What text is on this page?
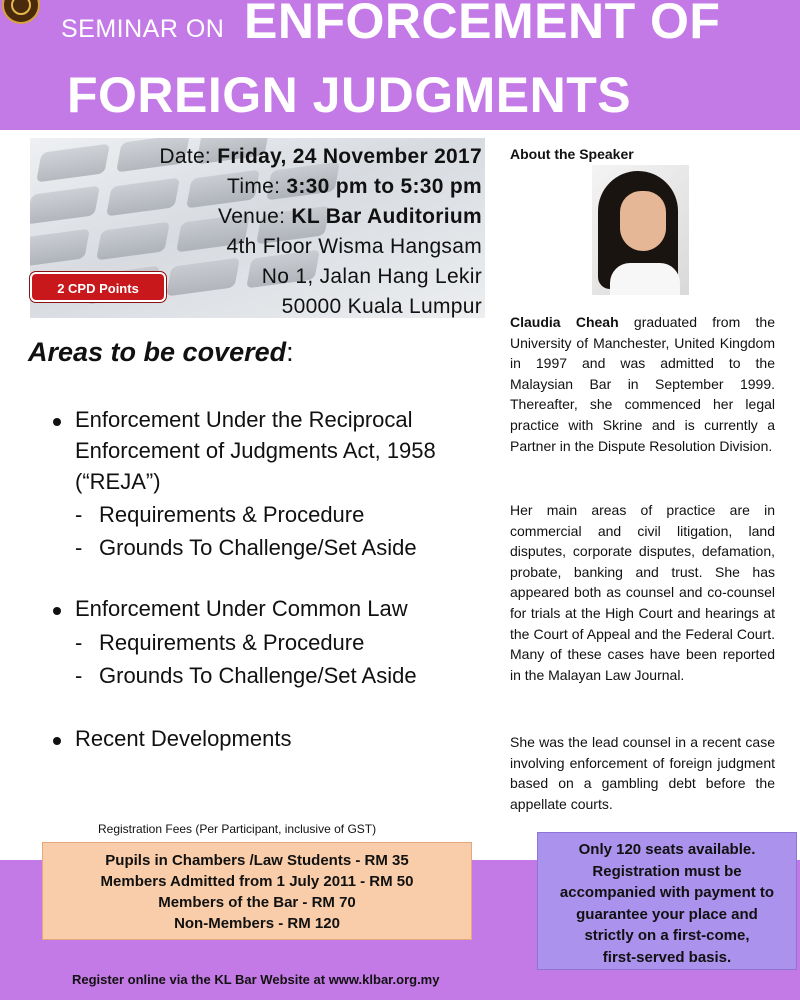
SEMINAR ON ENFORCEMENT OF
FOREIGN JUDGMENTS
Date: Friday, 24 November 2017
Time: 3:30 pm to 5:30 pm
Venue: KL Bar Auditorium
4th Floor Wisma Hangsam
No 1, Jalan Hang Lekir
50000 Kuala Lumpur
2 CPD Points
Areas to be covered:
Enforcement Under the Reciprocal
Enforcement of Judgments Act, 1958
(“REJA”)
- Requirements & Procedure
- Grounds To Challenge/Set Aside
Enforcement Under Common Law
- Requirements & Procedure
- Grounds To Challenge/Set Aside
Recent Developments
About the Speaker

Claudia Cheah graduated from the University of Manchester, United Kingdom in 1997 and was admitted to the Malaysian Bar in September 1999. Thereafter, she commenced her legal practice with Skrine and is currently a Partner in the Dispute Resolution Division.

Her main areas of practice are in commercial and civil litigation, land disputes, corporate disputes, defamation, probate, banking and trust. She has appeared both as counsel and co-counsel for trials at the High Court and hearings at the Court of Appeal and the Federal Court. Many of these cases have been reported in the Malayan Law Journal.

She was the lead counsel in a recent case involving enforcement of foreign judgment based on a gambling debt before the appellate courts.

Registration Fees (Per Participant, inclusive of GST)
Pupils in Chambers /Law Students - RM 35
Members Admitted from 1 July 2011 - RM 50
Members of the Bar - RM 70
Non-Members - RM 120
Only 120 seats available.
Registration must be
accompanied with payment to
guarantee your place and
strictly on a first-come,
first-served basis.
Register online via the KL Bar Website at www.klbar.org.my
